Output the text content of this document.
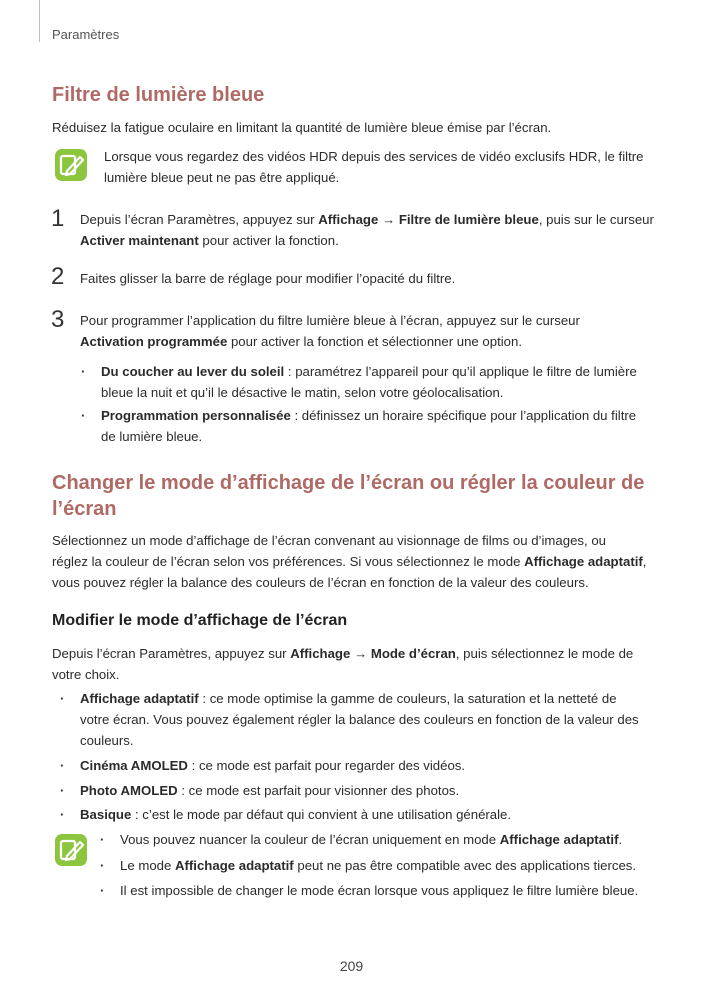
Paramètres
Filtre de lumière bleue
Réduisez la fatigue oculaire en limitant la quantité de lumière bleue émise par l’écran.
Lorsque vous regardez des vidéos HDR depuis des services de vidéo exclusifs HDR, le filtre
lumière bleue peut ne pas être appliqué.
1 Depuis l’écran Paramètres, appuyez sur Affichage → Filtre de lumière bleue, puis sur le curseur
Activer maintenant pour activer la fonction.
2 Faites glisser la barre de réglage pour modifier l’opacité du filtre.
3 Pour programmer l’application du filtre lumière bleue à l’écran, appuyez sur le curseur
Activation programmée pour activer la fonction et sélectionner une option.
· Du coucher au lever du soleil : paramétrez l’appareil pour qu’il applique le filtre de lumière
bleue la nuit et qu’il le désactive le matin, selon votre géolocalisation.
· Programmation personnalisée : définissez un horaire spécifique pour l’application du filtre
de lumière bleue.
Changer le mode d’affichage de l’écran ou régler la couleur de
l’écran
Sélectionnez un mode d’affichage de l’écran convenant au visionnage de films ou d’images, ou
réglez la couleur de l’écran selon vos préférences. Si vous sélectionnez le mode Affichage adaptatif,
vous pouvez régler la balance des couleurs de l’écran en fonction de la valeur des couleurs.
Modifier le mode d’affichage de l’écran
Depuis l’écran Paramètres, appuyez sur Affichage → Mode d’écran, puis sélectionnez le mode de
votre choix.
· Affichage adaptatif : ce mode optimise la gamme de couleurs, la saturation et la netteté de
votre écran. Vous pouvez également régler la balance des couleurs en fonction de la valeur des
couleurs.
· Cinéma AMOLED : ce mode est parfait pour regarder des vidéos.
· Photo AMOLED : ce mode est parfait pour visionner des photos.
· Basique : c’est le mode par défaut qui convient à une utilisation générale.
· Vous pouvez nuancer la couleur de l’écran uniquement en mode Affichage adaptatif.
· Le mode Affichage adaptatif peut ne pas être compatible avec des applications tierces.
· Il est impossible de changer le mode écran lorsque vous appliquez le filtre lumière bleue.
209
